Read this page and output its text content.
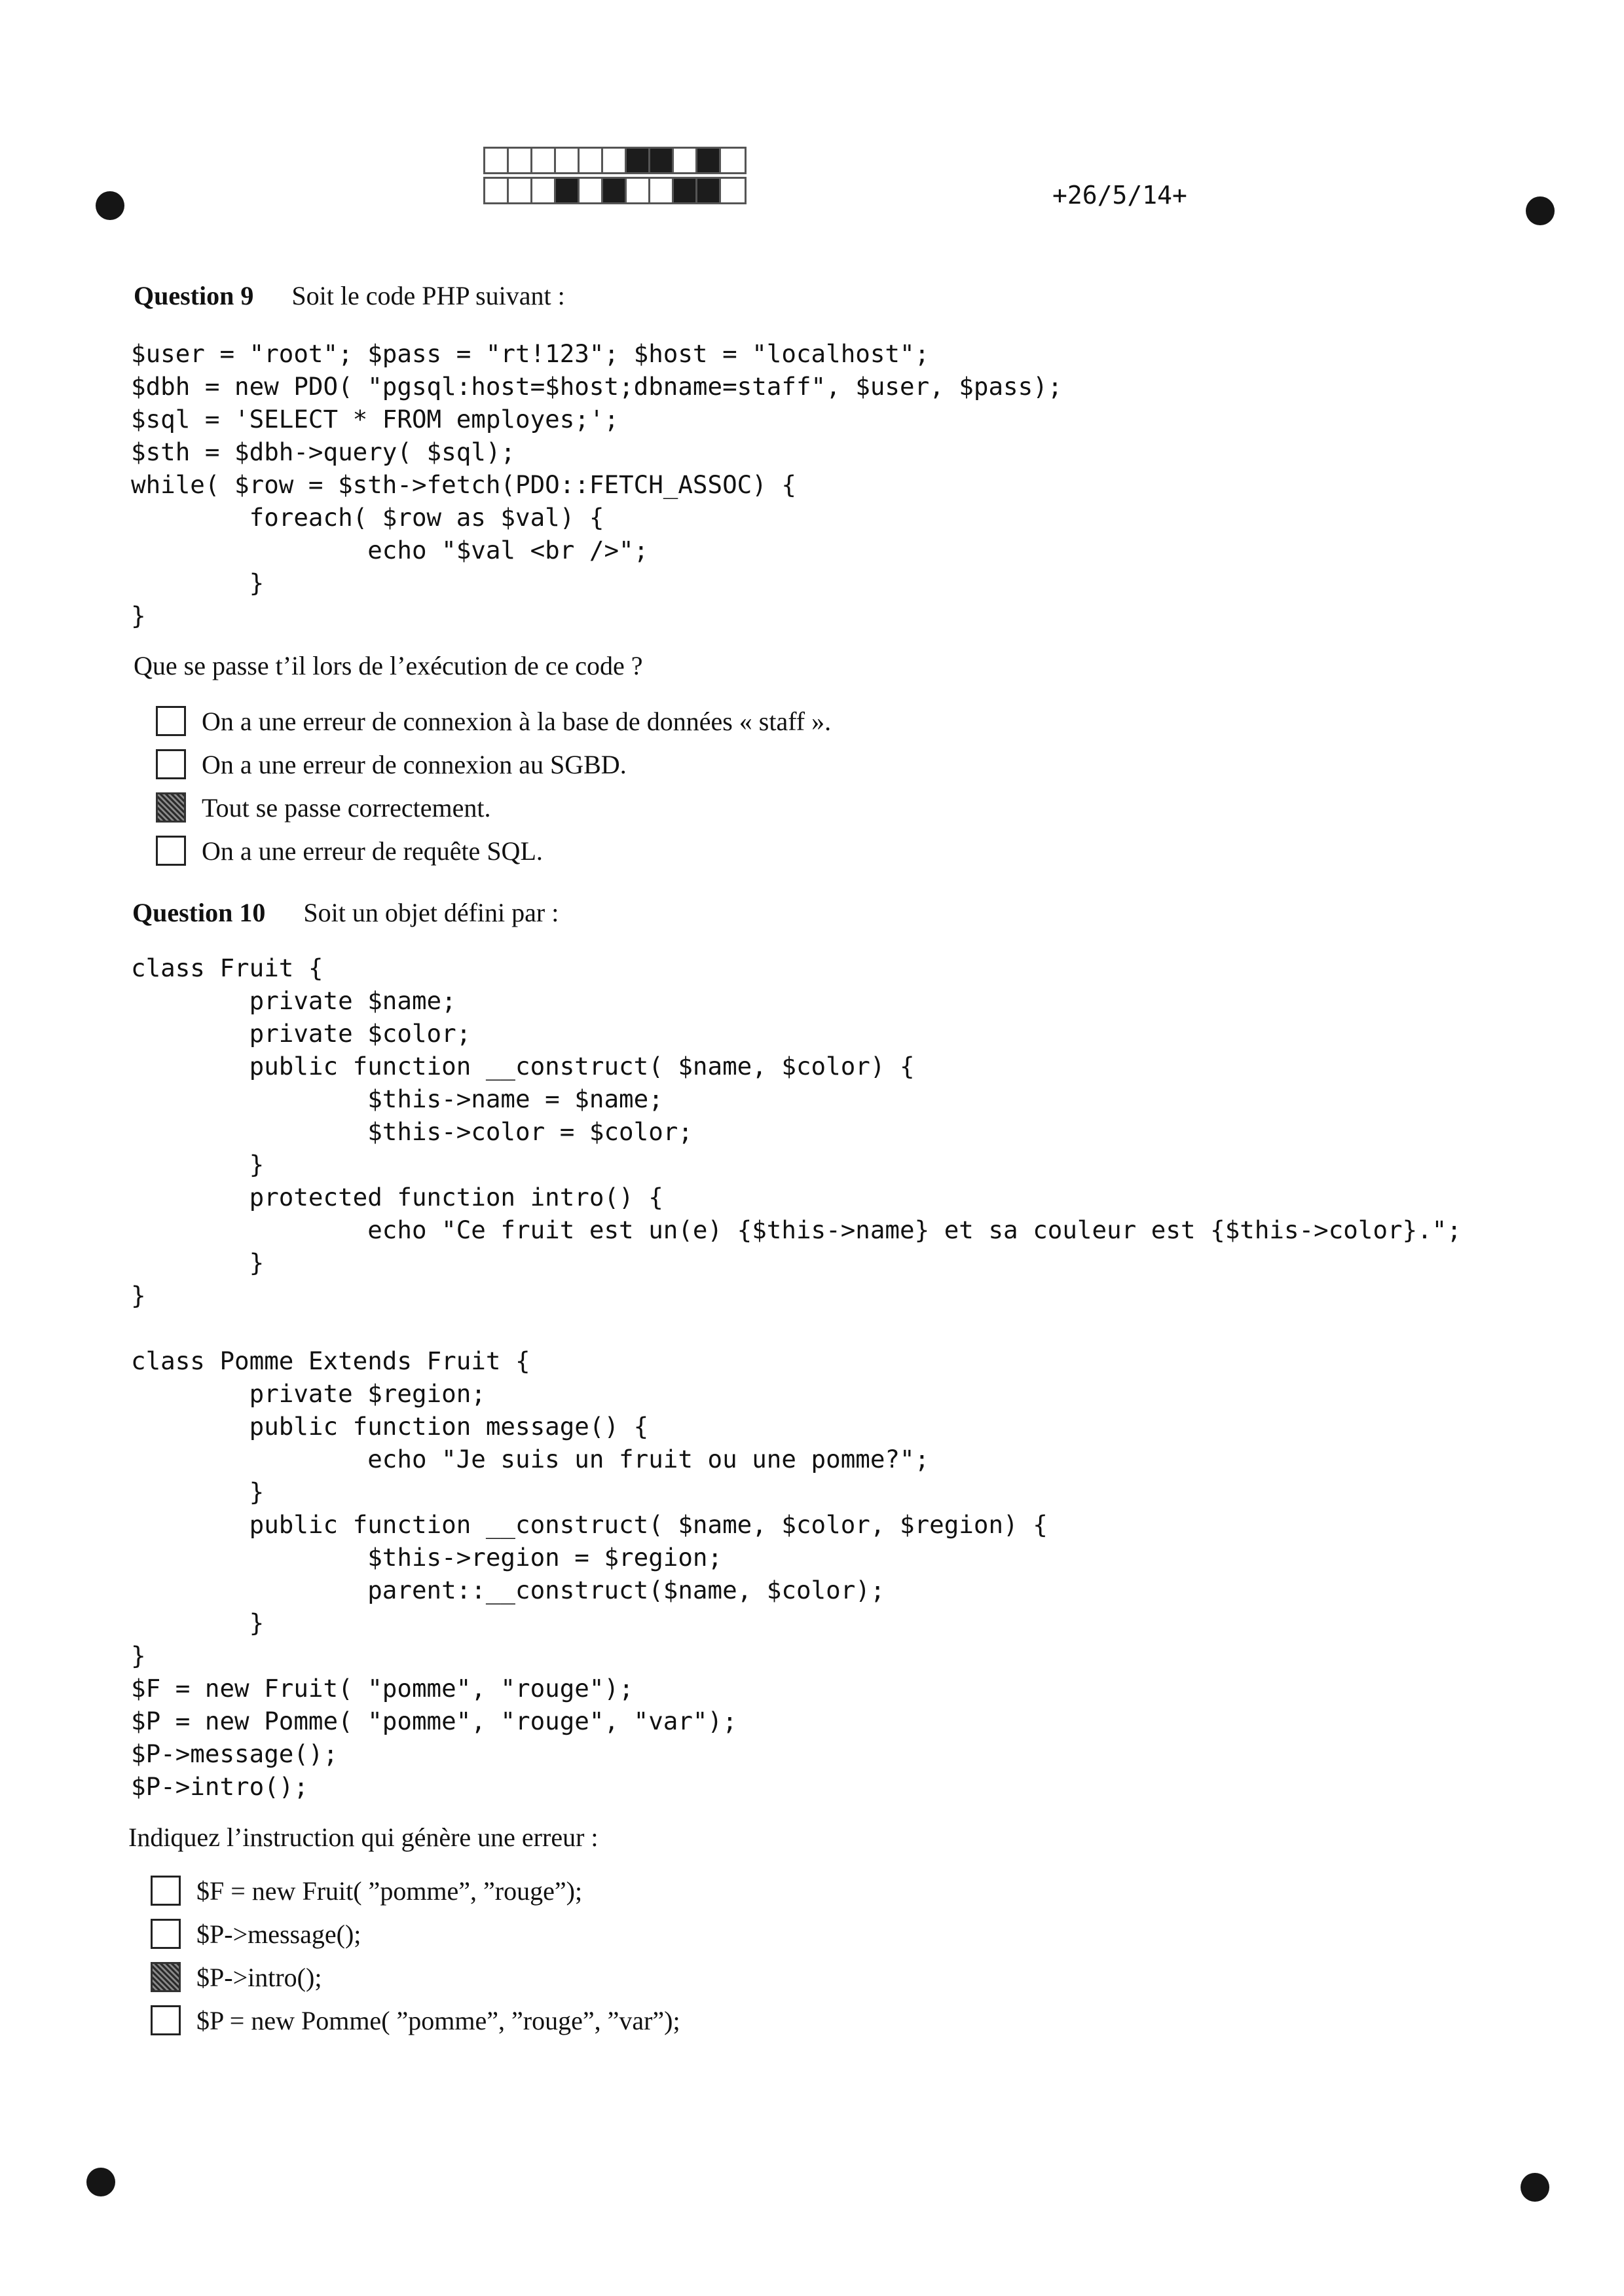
+26/5/14+
Question 9 Soit le code PHP suivant :
$user = "root"; $pass = "rt!123"; $host = "localhost";
$dbh = new PDO( "pgsql:host=$host;dbname=staff", $user, $pass);
$sql = 'SELECT * FROM employes;';
$sth = $dbh->query( $sql);
while( $row = $sth->fetch(PDO::FETCH_ASSOC) {
foreach( $row as $val) {
echo "$val <br />";
}
}
Que se passe t’il lors de l’exécution de ce code ?
On a une erreur de connexion à la base de données « staff ».
On a une erreur de connexion au SGBD.
Tout se passe correctement.
On a une erreur de requête SQL.
Question 10 Soit un objet défini par :
class Fruit {
private $name;
private $color;
public function __construct( $name, $color) {
$this->name = $name;
$this->color = $color;
}
protected function intro() {
echo "Ce fruit est un(e) {$this->name} et sa couleur est {$this->color}.";
}
}

class Pomme Extends Fruit {
private $region;
public function message() {
echo "Je suis un fruit ou une pomme?";
}
public function __construct( $name, $color, $region) {
$this->region = $region;
parent::__construct($name, $color);
}
}
$F = new Fruit( "pomme", "rouge");
$P = new Pomme( "pomme", "rouge", "var");
$P->message();
$P->intro();
Indiquez l’instruction qui génère une erreur :
$F = new Fruit( ”pomme”, ”rouge”);
$P->message();
$P->intro();
$P = new Pomme( ”pomme”, ”rouge”, ”var”);
